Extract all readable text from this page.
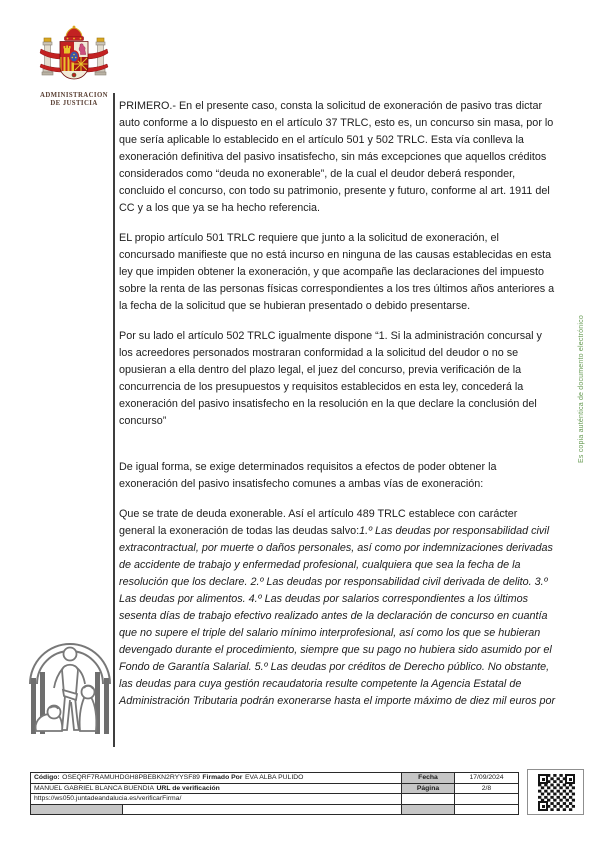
ADMINISTRACION
DE JUSTICIA	PRIMERO.- En el presente caso, consta la solicitud de exoneración de pasivo tras dictar auto conforme a lo dispuesto en el artículo 37 TRLC, esto es, un concurso sin masa, por lo que sería aplicable lo establecido en el artículo 501 y 502 TRLC. Esta vía conlleva la exoneración definitiva del pasivo insatisfecho, sin más excepciones que aquellos créditos considerados como “deuda no exonerable”, de la cual el deudor deberá responder, concluido el concurso, con todo su patrimonio, presente y futuro, conforme al art. 1911 del CC y a los que ya se ha hecho referencia.

EL propio artículo 501 TRLC requiere que junto a la solicitud de exoneración, el concursado manifieste que no está incurso en ninguna de las causas establecidas en esta ley que impiden obtener la exoneración, y que acompañe las declaraciones del impuesto sobre la renta de las personas físicas correspondientes a los tres últimos años anteriores a la fecha de la solicitud que se hubieran presentado o debido presentarse.

Por su lado el artículo 502 TRLC igualmente dispone “1. Si la administración concursal y los acreedores personados mostraran conformidad a la solicitud del deudor o no se opusieran a ella dentro del plazo legal, el juez del concurso, previa verificación de la concurrencia de los presupuestos y requisitos establecidos en esta ley, concederá la exoneración del pasivo insatisfecho en la resolución en la que declare la conclusión del concurso”

De igual forma, se exige determinados requisitos a efectos de poder obtener la exoneración del pasivo insatisfecho comunes a ambas vías de exoneración:

Que se trate de deuda exonerable. Así el artículo 489 TRLC establece con carácter general la exoneración de todas las deudas salvo:1.º Las deudas por responsabilidad civil extracontractual, por muerte o daños personales, así como por indemnizaciones derivadas de accidente de trabajo y enfermedad profesional, cualquiera que sea la fecha de la resolución que los declare. 2.º Las deudas por responsabilidad civil derivada de delito. 3.º Las deudas por alimentos. 4.º Las deudas por salarios correspondientes a los últimos sesenta días de trabajo efectivo realizado antes de la declaración de concurso en cuantía que no supere el triple del salario mínimo interprofesional, así como los que se hubieran devengado durante el procedimiento, siempre que su pago no hubiera sido asumido por el Fondo de Garantía Salarial. 5.º Las deudas por créditos de Derecho público. No obstante, las deudas para cuya gestión recaudatoria resulte competente la Agencia Estatal de Administración Tributaria podrán exonerarse hasta el importe máximo de diez mil euros por

Es copia auténtica de documento electrónico
Código: OSEQRF7RAMUHDGH8PBEBKN2RYYSF89 Firmado Por EVA ALBA PULIDO	Fecha	17/09/2024
MANUEL GABRIEL BLANCA BUENDIA URL de verificación	Página	2/8
https://ws050.juntadeandalucia.es/verificarFirma/
